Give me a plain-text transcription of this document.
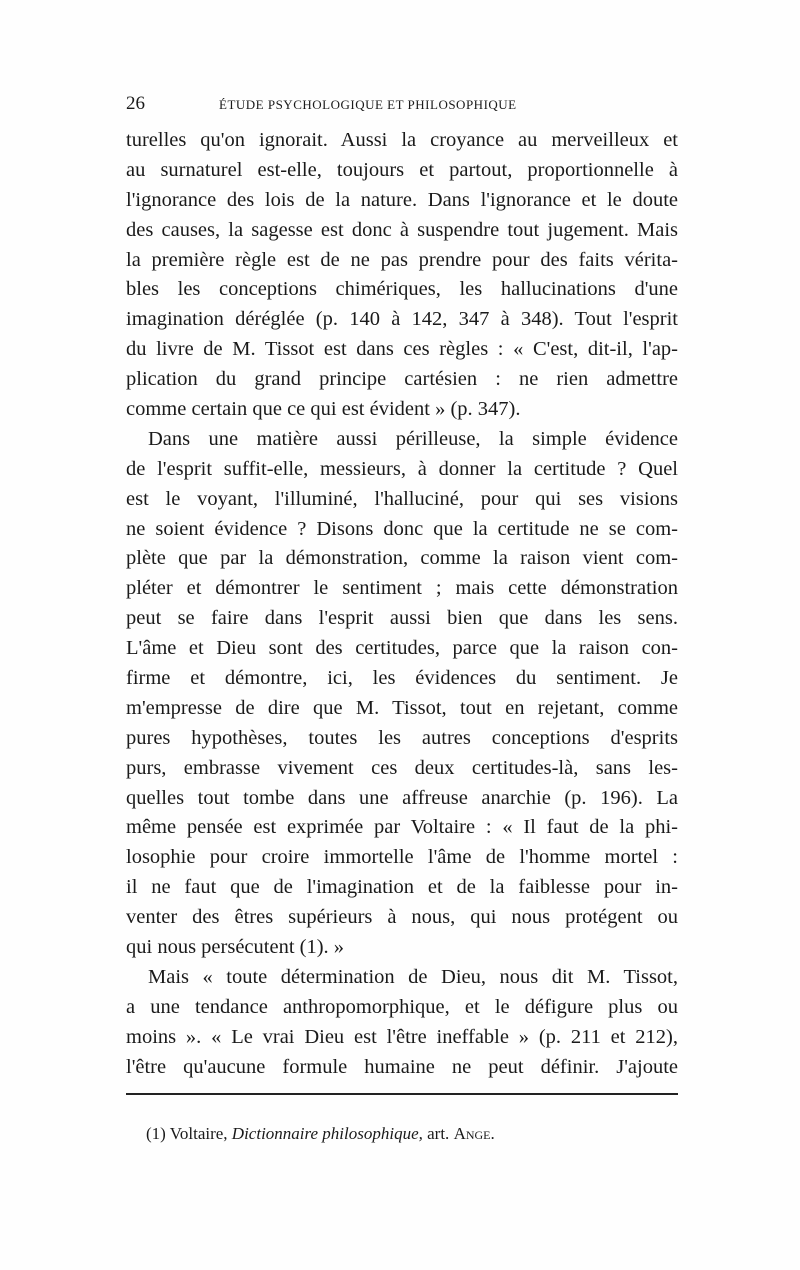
26	ÉTUDE PSYCHOLOGIQUE ET PHILOSOPHIQUE
turelles qu'on ignorait. Aussi la croyance au merveilleux et
au surnaturel est-elle, toujours et partout, proportionnelle à
l'ignorance des lois de la nature. Dans l'ignorance et le doute
des causes, la sagesse est donc à suspendre tout jugement. Mais
la première règle est de ne pas prendre pour des faits vérita-
bles les conceptions chimériques, les hallucinations d'une
imagination déréglée (p. 140 à 142, 347 à 348). Tout l'esprit
du livre de M. Tissot est dans ces règles : « C'est, dit-il, l'ap-
plication du grand principe cartésien : ne rien admettre
comme certain que ce qui est évident » (p. 347).
Dans une matière aussi périlleuse, la simple évidence
de l'esprit suffit-elle, messieurs, à donner la certitude ? Quel
est le voyant, l'illuminé, l'halluciné, pour qui ses visions
ne soient évidence ? Disons donc que la certitude ne se com-
plète que par la démonstration, comme la raison vient com-
pléter et démontrer le sentiment ; mais cette démonstration
peut se faire dans l'esprit aussi bien que dans les sens.
L'âme et Dieu sont des certitudes, parce que la raison con-
firme et démontre, ici, les évidences du sentiment. Je
m'empresse de dire que M. Tissot, tout en rejetant, comme
pures hypothèses, toutes les autres conceptions d'esprits
purs, embrasse vivement ces deux certitudes-là, sans les-
quelles tout tombe dans une affreuse anarchie (p. 196). La
même pensée est exprimée par Voltaire : « Il faut de la phi-
losophie pour croire immortelle l'âme de l'homme mortel :
il ne faut que de l'imagination et de la faiblesse pour in-
venter des êtres supérieurs à nous, qui nous protégent ou
qui nous persécutent (1). »
Mais « toute détermination de Dieu, nous dit M. Tissot,
a une tendance anthropomorphique, et le défigure plus ou
moins ». « Le vrai Dieu est l'être ineffable » (p. 211 et 212),
l'être qu'aucune formule humaine ne peut définir. J'ajoute
(1) Voltaire, Dictionnaire philosophique, art. Ange.
